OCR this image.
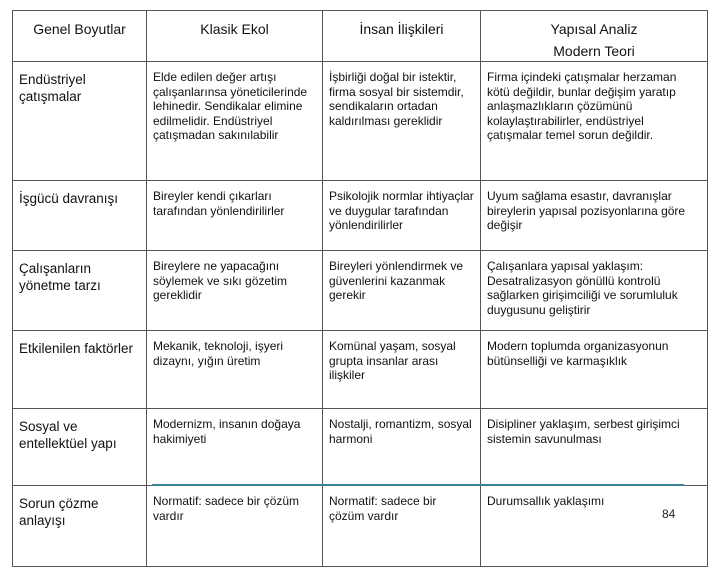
Genel Boyutlar	Klasik Ekol	İnsan İlişkileri	Yapısal Analiz
Modern Teori

Endüstriyel çatışmalar	Elde edilen değer artışı çalışanlarınsa yöneticilerinde lehinedir. Sendikalar elimine edilmelidir. Endüstriyel çatışmadan sakınılabilir	İşbirliği doğal bir istektir, firma sosyal bir sistemdir, sendikaların ortadan kaldırılması gereklidir	Firma içindeki çatışmalar herzaman kötü değildir, bunlar değişim yaratıp anlaşmazlıkların çözümünü kolaylaştırabilirler, endüstriyel çatışmalar temel sorun değildir.

İşgücü davranışı	Bireyler kendi çıkarları tarafından yönlendirilirler	Psikolojik normlar ihtiyaçlar ve duygular tarafından yönlendirilirler	Uyum sağlama esastır, davranışlar bireylerin yapısal pozisyonlarına göre değişir

Çalışanların yönetme tarzı	Bireylere ne yapacağını söylemek ve sıkı gözetim gereklidir	Bireyleri yönlendirmek ve güvenlerini kazanmak gerekir	Çalışanlara yapısal yaklaşım: Desatralizasyon gönüllü kontrolü sağlarken girişimciliği ve sorumluluk duygusunu geliştirir

Etkilenilen faktörler	Mekanik, teknoloji, işyeri dizaynı, yığın üretim	Komünal yaşam, sosyal grupta insanlar arası ilişkiler	Modern toplumda organizasyonun bütünselliği ve karmaşıklık

Sosyal ve entellektüel yapı	Modernizm, insanın doğaya hakimiyeti	Nostalji, romantizm, sosyal harmoni	Disipliner yaklaşım, serbest girişimci sistemin savunulması

Sorun çözme anlayışı	Normatif: sadece bir çözüm vardır	Normatif: sadece bir çözüm vardır	Durumsallık yaklaşımı
84
